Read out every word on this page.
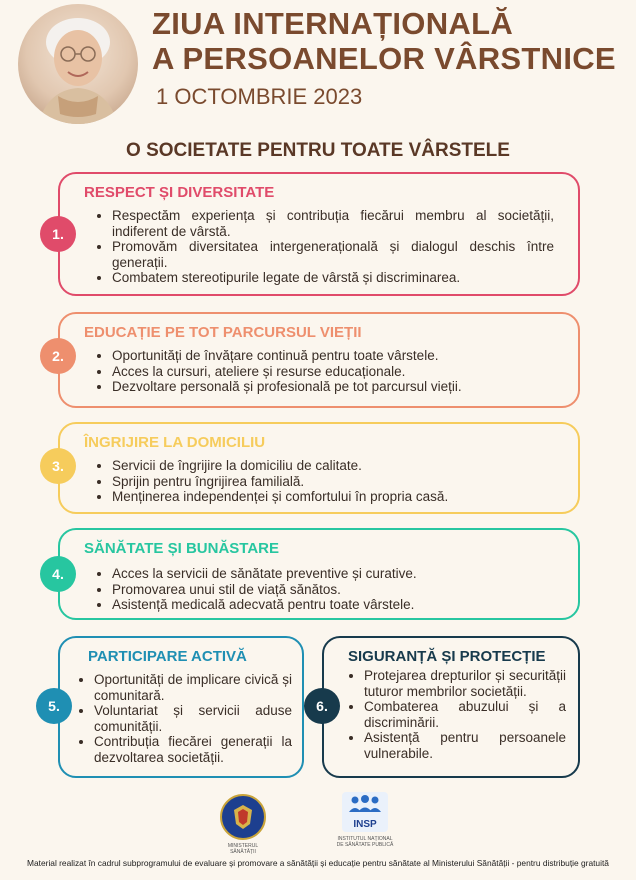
ZIUA INTERNAȚIONALĂ
A PERSOANELOR VÂRSTNICE
1 OCTOMBRIE 2023
O SOCIETATE PENTRU TOATE VÂRSTELE
RESPECT ȘI DIVERSITATE
• Respectăm experiența și contribuția fiecărui membru al societății, indiferent de vârstă.
• Promovăm diversitatea intergenerațională și dialogul deschis între generații.
• Combatem stereotipurile legate de vârstă și discriminarea.
1.
EDUCAȚIE PE TOT PARCURSUL VIEȚII
• Oportunități de învățare continuă pentru toate vârstele.
• Acces la cursuri, ateliere și resurse educaționale.
• Dezvoltare personală și profesională pe tot parcursul vieții.
2.
ÎNGRIJIRE LA DOMICILIU
• Servicii de îngrijire la domiciliu de calitate.
• Sprijin pentru îngrijirea familială.
• Menținerea independenței și comfortului în propria casă.
3.
SĂNĂTATE ȘI BUNĂSTARE
• Acces la servicii de sănătate preventive și curative.
• Promovarea unui stil de viață sănătos.
• Asistență medicală adecvată pentru toate vârstele.
4.
PARTICIPARE ACTIVĂ
• Oportunități de implicare civică și comunitară.
• Voluntariat și servicii aduse comunității.
• Contribuția fiecărei generații la dezvoltarea societății.
5.
SIGURANȚĂ ȘI PROTECȚIE
• Protejarea drepturilor și securității tuturor membrilor societății.
• Combaterea abuzului și a discriminării.
• Asistență pentru persoanele vulnerabile.
6.
MINISTERUL SĂNĂTĂȚII
INSP
INSTITUTUL NAȚIONAL DE SĂNĂTATE PUBLICĂ
Material realizat în cadrul subprogramului de evaluare și promovare a sănătății și educație pentru sănătate al Ministerului Sănătății - pentru distribuție gratuită
